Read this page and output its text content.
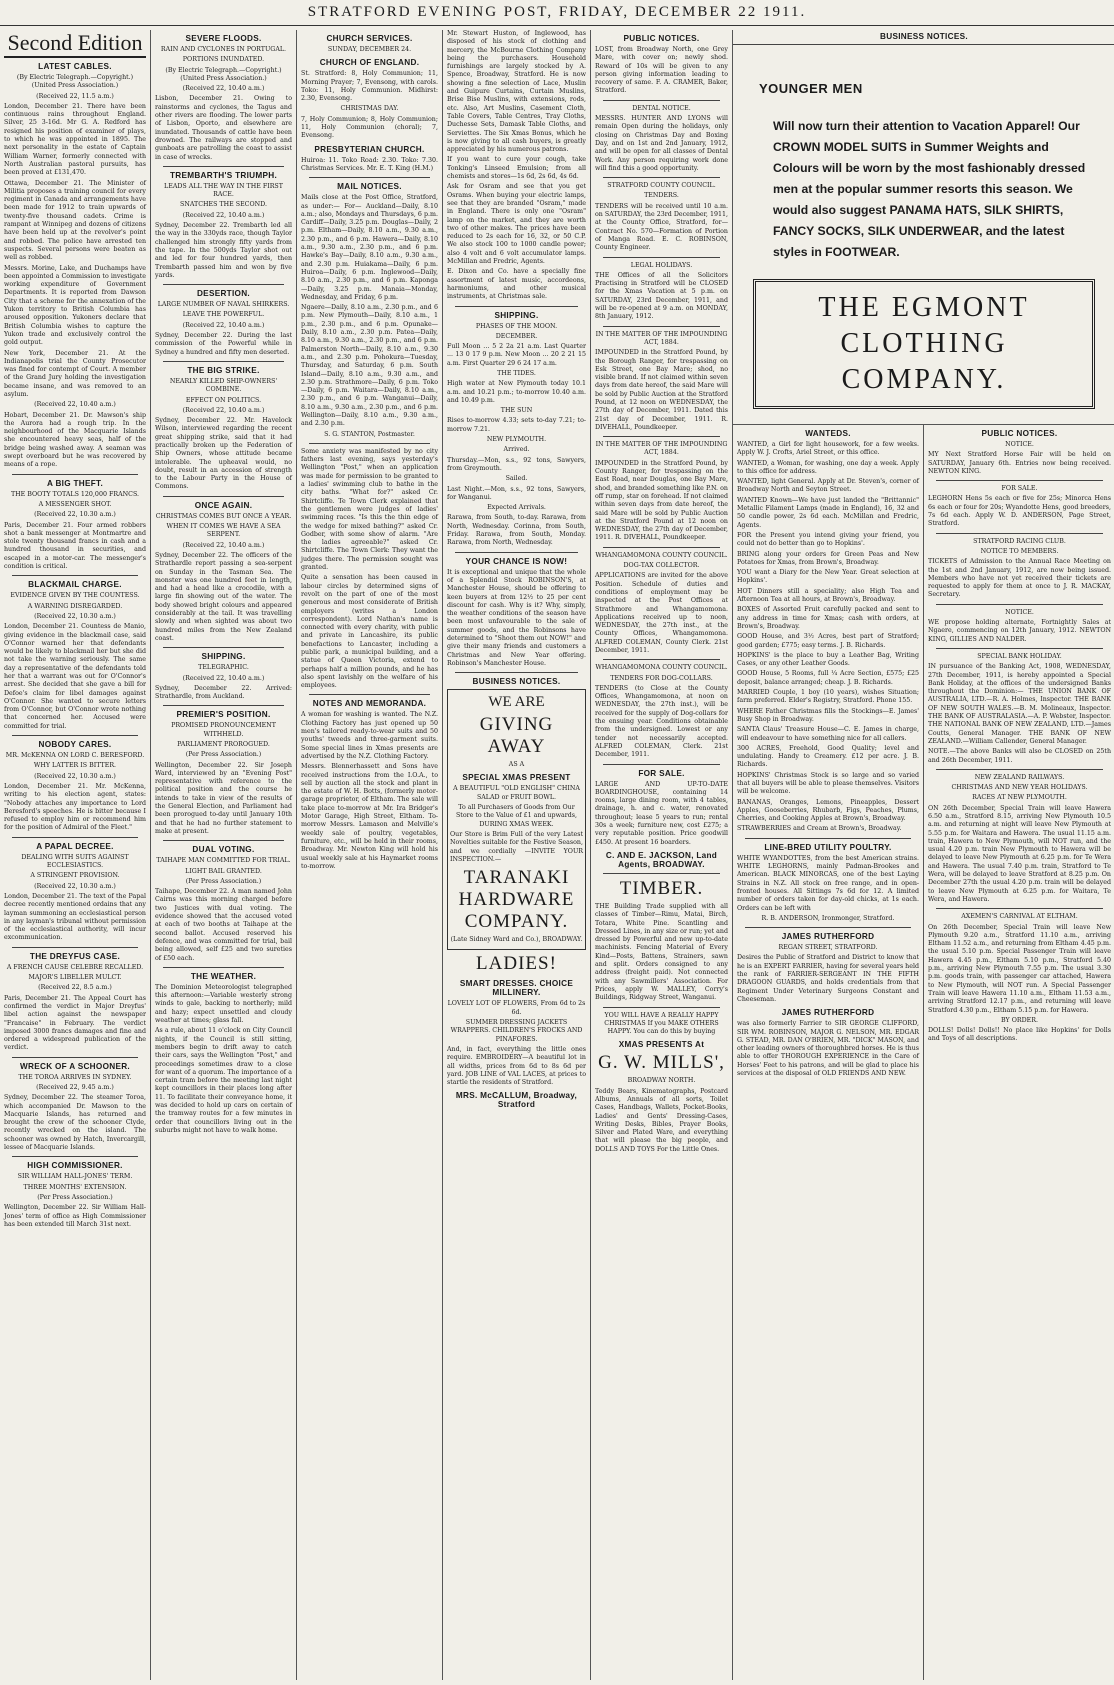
STRATFORD EVENING POST, FRIDAY, DECEMBER 22 1911.
Second Edition
LATEST CABLES.
(By Electric Telegraph.—Copyright.) (United Press Association.)
(Received 22, 11.5 a.m.)

London, December 21. There have been continuous rains throughout England. Silver, 25 3-16d. Mr G. A. Redford has resigned his position of examiner of plays, to which he was appointed in 1895. The next personality in the estate of Captain William Warner, formerly connected with North Australian pastoral pursuits, has been proved at £131,470.

Ottawa, December 21. The Minister of Militia proposes a training council for every regiment in Canada and arrangements have been made for 1912 to train upwards of twenty-five thousand cadets. Crime is rampant at Winnipeg and dozens of citizens have been held up at the revolver's point and robbed. The police have arrested ten suspects. Several persons were beaten as well as robbed.

Messrs. Morine, Lake, and Duchamps have been appointed a Commission to investigate working expenditure of Government Departments. It is reported from Dawson City that a scheme for the annexation of the Yukon territory to British Columbia has aroused opposition. Yukoners declare that British Columbia wishes to capture the Yukon trade and exclusively control the gold output.

New York, December 21. At the Indianapolis trial the County Prosecutor was fined for contempt of Court. A member of the Grand Jury holding the investigation became insane, and was removed to an asylum.

(Received 22, 10.40 a.m.)

Hobart, December 21. Dr. Mawson's ship the Aurora had a rough trip. In the neighbourhood of the Macquarie Islands she encountered heavy seas, half of the bridge being washed away. A seaman was swept overboard but he was recovered by means of a rope.

A BIG THEFT.
THE BOOTY TOTALS 120,000 FRANCS.
A MESSENGER SHOT.
(Received 22, 10.30 a.m.)

Paris, December 21. Four armed robbers shot a bank messenger at Montmartre and stole twenty thousand francs in cash and a hundred thousand in securities, and escaped in a motor-car. The messenger's condition is critical.

BLACKMAIL CHARGE.
EVIDENCE GIVEN BY THE COUNTESS.
A WARNING DISREGARDED.
(Received 22, 10.30 a.m.)

London, December 21. Countess de Manio, giving evidence in the blackmail case, said O'Connor warned her that defendants would be likely to blackmail her but she did not take the warning seriously. The same day a representative of the defendants told her that a warrant was out for O'Connor's arrest. She decided that she gave a bill for Defoe's claim for libel damages against O'Connor. She wanted to secure letters from O'Connor, but O'Connor wrote nothing that concerned her. Accused were committed for trial.

NOBODY CARES.
MR. McKENNA ON LORD C. BERESFORD.
WHY LATTER IS BITTER.
(Received 22, 10.30 a.m.)

London, December 21. Mr. McKenna, writing to his election agent, states: "Nobody attaches any importance to Lord Beresford's speeches. He is bitter because I refused to employ him or recommend him for the position of Admiral of the Fleet."

A PAPAL DECREE.
DEALING WITH SUITS AGAINST ECCLESIASTICS.
A STRINGENT PROVISION.
(Received 22, 10.30 a.m.)

London, December 21. The text of the Papal decree recently mentioned ordains that any layman summoning an ecclesiastical person in any layman's tribunal without permission of the ecclesiastical authority, will incur excommunication.

THE DREYFUS CASE.
A FRENCH CAUSE CELEBRE RECALLED.
MAJOR'S LIBELLER MULCT.
(Received 22, 8.5 a.m.)

Paris, December 21. The Appeal Court has confirmed the verdict in Major Dreyfus' libel action against the newspaper "Francaise" in February. The verdict imposed 3000 francs damages and fine and ordered a widespread publication of the verdict.

WRECK OF A SCHOONER.
THE TOROA ARRIVES IN SYDNEY.
(Received 22, 9.45 a.m.)

Sydney, December 22. The steamer Toroa, which accompanied Dr. Mawson to the Macquarie Islands, has returned and brought the crew of the schooner Clyde, recently wrecked on the island. The schooner was owned by Hatch, Invercargill, lessee of Macquarie Islands.

HIGH COMMISSIONER.
SIR WILLIAM HALL-JONES' TERM.
THREE MONTHS' EXTENSION.
(Per Press Association.)

Wellington, December 22. Sir William Hall-Jones' term of office as High Commissioner has been extended till March 31st next.

SEVERE FLOODS.
RAIN AND CYCLONES IN PORTUGAL.
PORTIONS INUNDATED.
(By Electric Telegraph.—Copyright.) (United Press Association.)
(Received 22, 10.40 a.m.)

Lisbon, December 21. Owing to rainstorms and cyclones, the Tagus and other rivers are flooding. The lower parts of Lisbon, Oporto, and elsewhere are inundated. Thousands of cattle have been drowned. The railways are stopped and gunboats are patrolling the coast to assist in case of wrecks.

TREMBARTH'S TRIUMPH.
LEADS ALL THE WAY IN THE FIRST RACE.
SNATCHES THE SECOND.
(Received 22, 10.40 a.m.)

Sydney, December 22. Trembarth led all the way in the 330yds race, though Taylor challenged him strongly fifty yards from the tape. In the 500yds Taylor shot out and led for four hundred yards, then Trembarth passed him and won by five yards.

DESERTION.
LARGE NUMBER OF NAVAL SHIRKERS.
LEAVE THE POWERFUL.
(Received 22, 10.40 a.m.)

Sydney, December 22. During the last commission of the Powerful while in Sydney a hundred and fifty men deserted.

THE BIG STRIKE.
NEARLY KILLED SHIP-OWNERS' COMBINE.
EFFECT ON POLITICS.
(Received 22, 10.40 a.m.)

Sydney, December 22. Mr. Havelock Wilson, interviewed regarding the recent great shipping strike, said that it had practically broken up the Federation of Ship Owners, whose attitude became intolerable. The upheaval would, no doubt, result in an accession of strength to the Labour Party in the House of Commons.

ONCE AGAIN.
CHRISTMAS COMES BUT ONCE A YEAR.
WHEN IT COMES WE HAVE A SEA SERPENT.
(Received 22, 10.40 a.m.)

Sydney, December 22. The officers of the Strathardle report passing a sea-serpent on Sunday in the Tasman Sea. The monster was one hundred feet in length, and had a head like a crocodile, with a large fin showing out of the water. The body showed bright colours and appeared considerably at the tail. It was travelling slowly and when sighted was about two hundred miles from the New Zealand coast.

SHIPPING.
TELEGRAPHIC.
(Received 22, 10.40 a.m.)

Sydney, December 22. Arrived: Strathardle, from Auckland.

PREMIER'S POSITION.
PROMISED PRONOUNCEMENT WITHHELD.
PARLIAMENT PROROGUED.
(Per Press Association.)

Wellington, December 22. Sir Joseph Ward, interviewed by an "Evening Post" representative with reference to the political position and the course he intends to take in view of the results of the General Election, and Parliament had been prorogued to-day until January 10th and that he had no further statement to make at present.

DUAL VOTING.
TAIHAPE MAN COMMITTED FOR TRIAL.
LIGHT BAIL GRANTED.
(Per Press Association.)

Taihape, December 22. A man named John Cairns was this morning charged before two Justices with dual voting. The evidence showed that the accused voted at each of two booths at Taihape at the second ballot. Accused reserved his defence, and was committed for trial, bail being allowed, self £25 and two sureties of £50 each.

THE WEATHER.

The Dominion Meteorologist telegraphed this afternoon:—Variable westerly strong winds to gale, backing to northerly; mild and hazy; expect unsettled and cloudy weather at times; glass fall.

As a rule, about 11 o'clock on City Council nights, if the Council is still sitting, members begin to drift away to catch their cars, says the Wellington "Post," and proceedings sometimes draw to a close for want of a quorum. The importance of a certain tram before the meeting last night kept councillors in their places long after 11. To facilitate their conveyance home, it was decided to hold up cars on certain of the tramway routes for a few minutes in order that councillors living out in the suburbs might not have to walk home.

CHURCH SERVICES.
SUNDAY, DECEMBER 24.
CHURCH OF ENGLAND.

St. Stratford: 8, Holy Communion; 11, Morning Prayer; 7, Evensong, with carols. Toko: 11, Holy Communion. Midhirst: 2.30, Evensong.

CHRISTMAS DAY.

7, Holy Communion; 8, Holy Communion; 11, Holy Communion (choral); 7, Evensong.

PRESBYTERIAN CHURCH.

Huiroa: 11. Toko Road: 2.30. Toko: 7.30. Christmas Services. Mr. E. T. King (H.M.)

MAIL NOTICES.

Mails close at the Post Office, Stratford, as under:— For— Auckland—Daily, 8.10 a.m.; also, Mondays and Thursdays, 6 p.m. Cardiff—Daily, 3.25 p.m. Douglas—Daily, 2 p.m. Eltham—Daily, 8.10 a.m., 9.30 a.m., 2.30 p.m., and 6 p.m. Hawera—Daily, 8.10 a.m., 9.30 a.m., 2.30 p.m., and 6 p.m. Hawke's Bay—Daily, 8.10 a.m., 9.30 a.m., and 2.30 p.m. Huiakama—Daily, 6 p.m. Huiroa—Daily, 6 p.m. Inglewood—Daily, 8.10 a.m., 2.30 p.m., and 6 p.m. Kaponga—Daily, 3.25 p.m. Manaia—Monday, Wednesday, and Friday, 6 p.m.

Ngaere—Daily, 8.10 a.m., 2.30 p.m., and 6 p.m. New Plymouth—Daily, 8.10 a.m., 1 p.m., 2.30 p.m., and 6 p.m. Opunake—Daily, 8.10 a.m., 2.30 p.m. Patea—Daily, 8.10 a.m., 9.30 a.m., 2.30 p.m., and 6 p.m. Palmerston North—Daily, 8.10 a.m., 9.30 a.m., and 2.30 p.m. Pohokura—Tuesday, Thursday, and Saturday, 6 p.m. South Island—Daily, 8.10 a.m., 9.30 a.m., and 2.30 p.m. Strathmore—Daily, 6 p.m. Toko—Daily, 6 p.m. Waitara—Daily, 8.10 a.m., 2.30 p.m., and 6 p.m. Wanganui—Daily, 8.10 a.m., 9.30 a.m., 2.30 p.m., and 6 p.m. Wellington—Daily, 8.10 a.m., 9.30 a.m., and 2.30 p.m.

S. G. STANTON, Postmaster.

Some anxiety was manifested by no city fathers last evening, says yesterday's Wellington "Post," when an application was made for permission to be granted to a ladies' swimming club to bathe in the city baths. "What for?" asked Cr. Shirtcliffe. Te Town Clerk explained that the gentlemen were judges of ladies' swimming races. "Is this the thin edge of the wedge for mixed bathing?" asked Cr. Godber, with some show of alarm. "Are the ladies agreeable?" asked Cr. Shirtcliffe. The Town Clerk: They want the judges there. The permission sought was granted.

Quite a sensation has been caused in labour circles by determined signs of revolt on the part of one of the most generous and most considerate of British employers (writes a London correspondent). Lord Nathan's name is connected with every charity, with public and private in Lancashire, its public benefactions to Lancaster, including a public park, a municipal building, and a statue of Queen Victoria, extend to perhaps half a million pounds, and he has also spent lavishly on the welfare of his employees.

NOTES AND MEMORANDA.

A woman for washing is wanted. The N.Z. Clothing Factory has just opened up 50 men's tailored ready-to-wear suits and 50 youths' tweeds and three-garment suits. Some special lines in Xmas presents are advertised by the N.Z. Clothing Factory.

Messrs. Blennerhassett and Sons have received instructions from the I.O.A., to sell by auction all the stock and plant in the estate of W. H. Botts, (formerly motor-garage proprietor, of Eltham. The sale will take place to-morrow at Mr. Ira Bridger's Motor Garage, High Street, Eltham. To-morrow Messrs. Lamason and Melville's weekly sale of poultry, vegetables, furniture, etc., will be held in their rooms, Broadway. Mr. Newton King will hold his usual weekly sale at his Haymarket rooms to-morrow.

Mr. Stewart Huston, of Inglewood, has disposed of his stock of clothing and mercery, the McBourne Clothing Company being the purchasers. Household furnishings are largely stocked by A. Spence, Broadway, Stratford. He is now showing a fine selection of Lace, Muslin and Guipure Curtains, Curtain Muslins, Brise Bise Muslins, with extensions, rods, etc. Also, Art Muslins, Casement Cloth, Table Covers, Table Centres, Tray Cloths, Duchesse Sets, Damask Table Cloths, and Serviettes. The Six Xmas Bonus, which he is now giving to all cash buyers, is greatly appreciated by his numerous patrons.

If you want to cure your cough, take Tonking's Linseed Emulsion; from all chemists and stores—1s 6d, 2s 6d, 4s 6d.

Ask for Osram and see that you get Osrams. When buying your electric lamps, see that they are branded "Osram," made in England. There is only one "Osram" lamp on the market, and they are worth two of other makes. The prices have been reduced to 2s each for 16, 32, or 50 C.P. We also stock 100 to 1000 candle power; also 4 volt and 6 volt accumulator lamps. McMillan and Fredric, Agents.

E. Dixon and Co. have a specially fine assortment of latest music, accordeons, harmoniums, and other musical instruments, at Christmas sale.

SHIPPING.
PHASES OF THE MOON.
DECEMBER.

Full Moon ... 5 2 2a 21 a.m. Last Quarter ... 13 0 17 9 p.m. New Moon ... 20 2 21 15 a.m. First Quarter 29 6 24 17 a.m.

THE TIDES.

High water at New Plymouth today 10.1 a.m. and 10.21 p.m.; to-morrow 10.40 a.m. and 10.49 p.m.

THE SUN

Rises to-morrow 4.33; sets to-day 7.21; to-morrow 7.21.

NEW PLYMOUTH.
Arrived.

Thursday.—Mon, s.s., 92 tons, Sawyers, from Greymouth.

Sailed.

Last Night.—Mon, s.s., 92 tons, Sawyers, for Wanganui.

Expected Arrivals.

Rarawa, from South, to-day. Rarawa, from North, Wednesday. Corinna, from South, Friday. Rarawa, from South, Monday. Rarawa, from North, Wednesday.

YOUR CHANCE IS NOW!

It is exceptional and unique that the whole of a Splendid Stock ROBINSON'S, at Manchester House, should be offering to keen buyers at from 12½ to 25 per cent discount for cash. Why is it? Why, simply, the weather conditions of the season have been most unfavourable to the sale of summer goods, and the Robinsons have determined to "Shoot them out NOW!" and give their many friends and customers a Christmas and New Year offering. Robinson's Manchester House.

BUSINESS NOTICES.
WE ARE
GIVING AWAY
AS A
SPECIAL XMAS PRESENT
A BEAUTIFUL "OLD ENGLISH" CHINA SALAD or FRUIT BOWL.
To all Purchasers of Goods from Our Store to the Value of £1 and upwards, DURING XMAS WEEK.

Our Store is Brim Full of the very Latest Novelties suitable for the Festive Season, and we cordially —INVITE YOUR INSPECTION.—

TARANAKI HARDWARE COMPANY.
(Late Sidney Ward and Co.), BROADWAY.
LADIES!
SMART DRESSES. CHOICE MILLINERY.
LOVELY LOT OF FLOWERS, From 6d to 2s 6d.
SUMMER DRESSING JACKETS WRAPPERS. CHILDREN'S FROCKS AND PINAFORES.

And, in fact, everything the little ones require. EMBROIDERY—A beautiful lot in all widths, prices from 6d to 8s 6d per yard. JOB LINE of VAL LACES, at prices to startle the residents of Stratford.

MRS. McCALLUM, Broadway, Stratford
PUBLIC NOTICES.

LOST, from Broadway North, one Grey Mare, with cover on; newly shod. Reward of 10s will be given to any person giving information leading to recovery of same. F. A. CRAMER, Baker, Stratford.

DENTAL NOTICE.

MESSRS. HUNTER AND LYONS will remain Open during the holidays, only closing on Christmas Day and Boxing Day, and on 1st and 2nd January, 1912, and will be open for all classes of Dental Work. Any person requiring work done will find this a good opportunity.

STRATFORD COUNTY COUNCIL.
TENDERS.

TENDERS will be received until 10 a.m. on SATURDAY, the 23rd December, 1911, at the County Office, Stratford, for— Contract No. 570—Formation of Portion of Manga Road. E. C. ROBINSON, County Engineer.

LEGAL HOLIDAYS.

THE Offices of all the Solicitors Practising in Stratford will be CLOSED for the Xmas Vacation at 5 p.m. on SATURDAY, 23rd December, 1911, and will be re-opened at 9 a.m. on MONDAY, 8th January, 1912.

IN THE MATTER OF THE IMPOUNDING ACT, 1884.

IMPOUNDED in the Stratford Pound, by the Borough Ranger, for trespassing on Esk Street, one Bay Mare; shod, no visible brand. If not claimed within seven days from date hereof, the said Mare will be sold by Public Auction at the Stratford Pound, at 12 noon on WEDNESDAY, the 27th day of December, 1911. Dated this 21st day of December, 1911. R. DIVEHALL, Poundkeeper.

IN THE MATTER OF THE IMPOUNDING ACT, 1884.

IMPOUNDED in the Stratford Pound, by County Ranger, for trespassing on the East Road, near Douglas, one Bay Mare, shod, and branded something like P.N. on off rump, star on forehead. If not claimed within seven days from date hereof, the said Mare will be sold by Public Auction at the Stratford Pound at 12 noon on WEDNESDAY, the 27th day of December, 1911. R. DIVEHALL, Poundkeeper.

WHANGAMOMONA COUNTY COUNCIL.
DOG-TAX COLLECTOR.

APPLICATIONS are invited for the above Position. Schedule of duties and conditions of employment may be inspected at the Post Offices at Strathmore and Whangamomona. Applications received up to noon, WEDNESDAY, the 27th inst., at the County Offices, Whangamomona. ALFRED COLEMAN, County Clerk. 21st December, 1911.

WHANGAMOMONA COUNTY COUNCIL.
TENDERS FOR DOG-COLLARS.

TENDERS (to Close at the County Offices, Whangamomona, at noon on WEDNESDAY, the 27th inst.), will be received for the supply of Dog-collars for the ensuing year. Conditions obtainable from the undersigned. Lowest or any tender not necessarily accepted. ALFRED COLEMAN, Clerk. 21st December, 1911.

FOR SALE.

LARGE AND UP-TO-DATE BOARDINGHOUSE, containing 14 rooms, large dining room, with 4 tables, drainage, h. and c. water, renovated throughout; lease 5 years to run; rental 30s a week; furniture new, cost £275; a very reputable position. Price goodwill £450. At present 16 boarders.

C. AND E. JACKSON, Land Agents, BROADWAY.
TIMBER.

THE Building Trade supplied with all classes of Timber—Rimu, Matai, Birch, Totara, White Pine. Scantling and Dressed Lines, in any size or run; yet and dressed by Powerful and new up-to-date machinists. Fencing Material of Every Kind—Posts, Battens, Strainers, sawn and split. Orders consigned to any address (freight paid). Not connected with any Sawmillers' Association. For Prices, apply W. MALLEY, Corry's Buildings, Ridgway Street, Wanganui.

YOU WILL HAVE A REALLY HAPPY CHRISTMAS If you MAKE OTHERS HAPPY. You can do this by buying
XMAS PRESENTS At
G. W. MILLS',
BROADWAY NORTH.

Teddy Bears, Kinematographs, Postcard Albums, Annuals of all sorts, Toilet Cases, Handbags, Wallets, Pocket-Books, Ladies' and Gents' Dressing-Cases, Writing Desks, Bibles, Prayer Books, Silver and Plated Ware, and everything that will please the big people, and DOLLS AND TOYS For the Little Ones.

BUSINESS NOTICES.
YOUNGER MEN
Will now turn their attention to Vacation Apparel! Our CROWN MODEL SUITS in Summer Weights and Colours will be worn by the most fashionably dressed men at the popular summer resorts this season. We would also suggest PANAMA HATS, SILK SHIRTS, FANCY SOCKS, SILK UNDERWEAR, and the latest styles in FOOTWEAR.
THE EGMONT CLOTHING COMPANY.
WANTEDS.

WANTED, a Girl for light housework, for a few weeks. Apply W. J. Crofts, Ariel Street, or this office.

WANTED, a Woman, for washing, one day a week. Apply to this office for address.

WANTED, light General. Apply at Dr. Steven's, corner of Broadway North and Seyton Street.

WANTED Known—We have just landed the "Brittannic" Metallic Filament Lamps (made in England), 16, 32 and 50 candle power, 2s 6d each. McMillan and Fredric, Agents.

FOR the Present you intend giving your friend, you could not do better than go to Hopkins'.

BRING along your orders for Green Peas and New Potatoes for Xmas, from Brown's, Broadway.

YOU want a Diary for the New Year. Great selection at Hopkins'.

HOT Dinners still a speciality; also High Tea and Afternoon Tea at all hours, at Brown's, Broadway.

BOXES of Assorted Fruit carefully packed and sent to any address in time for Xmas; cash with orders, at Brown's, Broadway.

GOOD House, and 3½ Acres, best part of Stratford; good garden; £775; easy terms. J. B. Richards.

HOPKINS' is the place to buy a Leather Bag, Writing Cases, or any other Leather Goods.

GOOD House, 5 Rooms, full ¼ Acre Section, £575; £25 deposit, balance arranged; cheap. J. B. Richards.

MARRIED Couple, 1 boy (10 years), wishes Situation; farm preferred. Elder's Registry, Stratford. Phone 155.

WHERE Father Christmas fills the Stockings—E. James' Busy Shop in Broadway.

SANTA Claus' Treasure House—C. E. James in charge, will endeavour to have something nice for all callers.

300 ACRES, Freehold, Good Quality; level and undulating. Handy to Creamery. £12 per acre. J. B. Richards.

HOPKINS' Christmas Stock is so large and so varied that all buyers will be able to please themselves. Visitors will be welcome.

BANANAS, Oranges, Lemons, Pineapples, Dessert Apples, Gooseberries, Rhubarb, Figs, Peaches, Plums, Cherries, and Cooking Apples at Brown's, Broadway.

STRAWBERRIES and Cream at Brown's, Broadway.

LINE-BRED UTILITY POULTRY.

WHITE WYANDOTTES, from the best American strains. WHITE LEGHORNS, mainly Padman-Brookes and American. BLACK MINORCAS, one of the best Laying Strains in N.Z. All stock on free range, and in open-fronted houses. All Sittings 7s 6d for 12. A limited number of orders taken for day-old chicks, at 1s each. Orders can be left with

R. B. ANDERSON, Ironmonger, Stratford.
JAMES RUTHERFORD
REGAN STREET, STRATFORD.

Desires the Public of Stratford and District to know that he is an EXPERT FARRIER, having for several years held the rank of FARRIER-SERGEANT IN THE FIFTH DRAGOON GUARDS, and holds credentials from that Regiment Under Veterinary Surgeons Constant and Cheeseman.

JAMES RUTHERFORD

was also formerly Farrier to SIR GEORGE CLIFFORD, SIR WM. ROBINSON, MAJOR G. NELSON, MR. EDGAR G. STEAD, MR. DAN O'BRIEN, MR. "DICK" MASON, and other leading owners of thoroughbred horses. He is thus able to offer THOROUGH EXPERIENCE in the Care of Horses' Feet to his patrons, and will be glad to place his services at the disposal of OLD FRIENDS AND NEW.

PUBLIC NOTICES.
NOTICE.

MY Next Stratford Horse Fair will be held on SATURDAY, January 6th. Entries now being received. NEWTON KING.

FOR SALE.

LEGHORN Hens 5s each or five for 25s; Minorca Hens 6s each or four for 20s; Wyandotte Hens, good breeders, 7s 6d each. Apply W. D. ANDERSON, Page Street, Stratford.

STRATFORD RACING CLUB.
NOTICE TO MEMBERS.

TICKETS of Admission to the Annual Race Meeting on the 1st and 2nd January, 1912, are now being issued. Members who have not yet received their tickets are requested to apply for them at once to J. R. MACKAY, Secretary.

NOTICE.

WE propose holding alternate, Fortnightly Sales at Ngaere, commencing on 12th January, 1912. NEWTON KING, GILLIES AND NALDER.

SPECIAL BANK HOLIDAY.

IN pursuance of the Banking Act, 1908, WEDNESDAY, 27th December, 1911, is hereby appointed a Special Bank Holiday, at the offices of the undersigned Banks throughout the Dominion:— THE UNION BANK OF AUSTRALIA, LTD.—R. A. Holmes, Inspector. THE BANK OF NEW SOUTH WALES.—B. M. Molineaux, Inspector. THE BANK OF AUSTRALASIA.—A. P. Webster, Inspector. THE NATIONAL BANK OF NEW ZEALAND, LTD.—James Coutts, General Manager. THE BANK OF NEW ZEALAND.—William Callender, General Manager.

NOTE.—The above Banks will also be CLOSED on 25th and 26th December, 1911.

NEW ZEALAND RAILWAYS.
CHRISTMAS AND NEW YEAR HOLIDAYS.
RACES AT NEW PLYMOUTH.

ON 26th December, Special Train will leave Hawera 6.50 a.m., Stratford 8.15, arriving New Plymouth 10.5 a.m. and returning at night will leave New Plymouth at 5.55 p.m. for Waitara and Hawera. The usual 11.15 a.m. train, Hawera to New Plymouth, will NOT run, and the usual 4.20 p.m. train New Plymouth to Hawera will be delayed to leave New Plymouth at 6.25 p.m. for Te Wera and Hawera. The usual 7.40 p.m. train, Stratford to Te Wera, will be delayed to leave Stratford at 8.25 p.m. On December 27th the usual 4.20 p.m. train will be delayed to leave New Plymouth at 6.25 p.m. for Waitara, Te Wera, and Hawera.

AXEMEN'S CARNIVAL AT ELTHAM.

On 26th December, Special Train will leave New Plymouth 9.20 a.m., Stratford 11.10 a.m., arriving Eltham 11.52 a.m., and returning from Eltham 4.45 p.m. the usual 5.10 p.m. Special Passenger Train will leave Hawera 4.45 p.m., Eltham 5.10 p.m., Stratford 5.40 p.m., arriving New Plymouth 7.55 p.m. The usual 3.30 p.m. goods train, with passenger car attached, Hawera to New Plymouth, will NOT run. A Special Passenger Train will leave Hawera 11.10 a.m., Eltham 11.53 a.m., arriving Stratford 12.17 p.m., and returning will leave Stratford 4.30 p.m., Eltham 5.15 p.m. for Hawera.

BY ORDER.

DOLLS! Dolls! Dolls!! No place like Hopkins' for Dolls and Toys of all descriptions.
